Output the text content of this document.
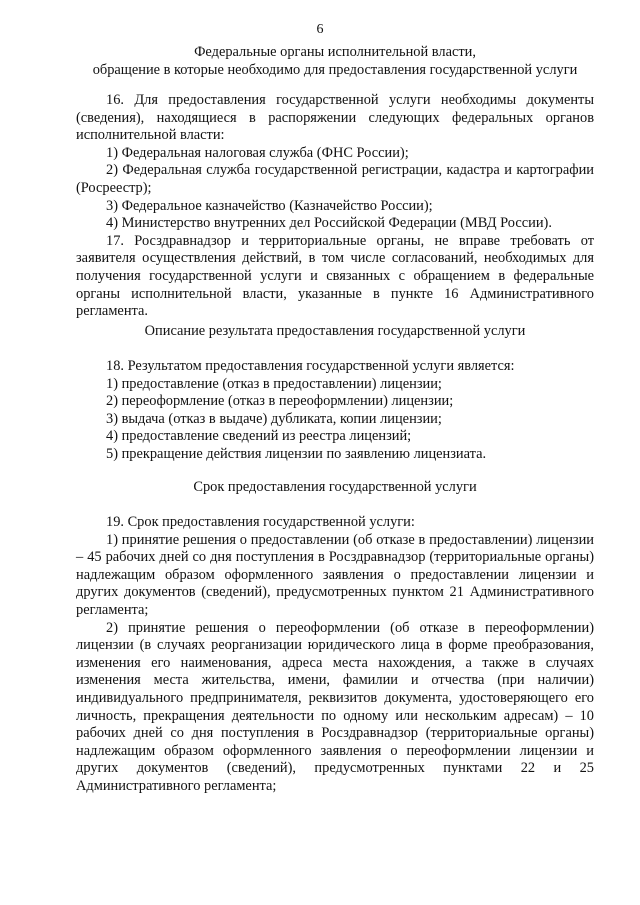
6
Федеральные органы исполнительной власти,
обращение в которые необходимо для предоставления государственной услуги

16. Для предоставления государственной услуги необходимы документы (сведения), находящиеся в распоряжении следующих федеральных органов исполнительной власти:

1) Федеральная налоговая служба (ФНС России);

2) Федеральная служба государственной регистрации, кадастра и картографии (Росреестр);

3) Федеральное казначейство (Казначейство России);

4) Министерство внутренних дел Российской Федерации (МВД России).

17. Росздравнадзор и территориальные органы, не вправе требовать от заявителя осуществления действий, в том числе согласований, необходимых для получения государственной услуги и связанных с обращением в федеральные органы исполнительной власти, указанные в пункте 16 Административного регламента.

Описание результата предоставления государственной услуги

18. Результатом предоставления государственной услуги является:

1) предоставление (отказ в предоставлении) лицензии;

2) переоформление (отказ в переоформлении) лицензии;

3) выдача (отказ в выдаче) дубликата, копии лицензии;

4) предоставление сведений из реестра лицензий;

5) прекращение действия лицензии по заявлению лицензиата.

Срок предоставления государственной услуги

19. Срок предоставления государственной услуги:

1) принятие решения о предоставлении (об отказе в предоставлении) лицензии – 45 рабочих дней со дня поступления в Росздравнадзор (территориальные органы) надлежащим образом оформленного заявления о предоставлении лицензии и других документов (сведений), предусмотренных пунктом 21 Административного регламента;

2) принятие решения о переоформлении (об отказе в переоформлении) лицензии (в случаях реорганизации юридического лица в форме преобразования, изменения его наименования, адреса места нахождения, а также в случаях изменения места жительства, имени, фамилии и отчества (при наличии) индивидуального предпринимателя, реквизитов документа, удостоверяющего его личность, прекращения деятельности по одному или нескольким адресам) – 10 рабочих дней со дня поступления в Росздравнадзор (территориальные органы) надлежащим образом оформленного заявления о переоформлении лицензии и других документов (сведений), предусмотренных пунктами 22 и 25 Административного регламента;
